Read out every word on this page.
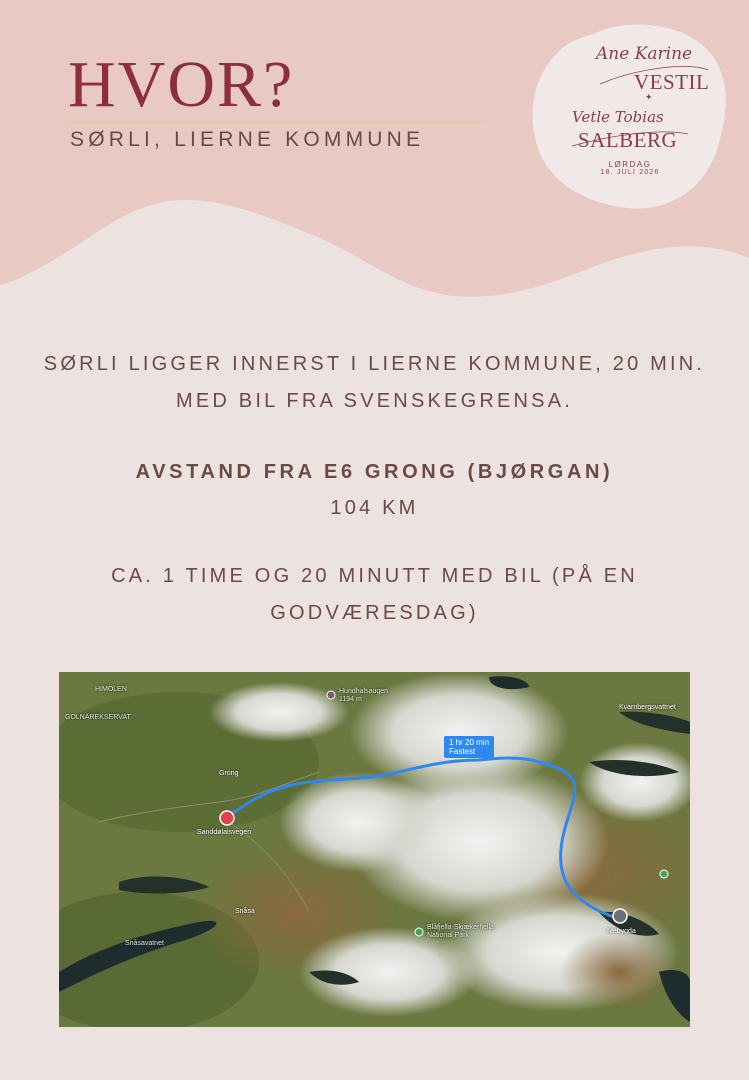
HVOR?
SØRLI, LIERNE KOMMUNE
Ane Karine
VESTIL
✦
Vetle Tobias
SALBERG
LØRDAG
18. JULI 2026
SØRLI LIGGER INNERST I LIERNE KOMMUNE, 20 MIN. MED BIL FRA SVENSKEGRENSA.
AVSTAND FRA E6 GRONG (BJØRGAN)
104 KM
CA. 1 TIME OG 20 MINUTT MED BIL (PÅ EN GODVÆRESDAG)
1 hr 20 min
Fastest
Sanddølaisvegen
Mebygda
Grong
Snåsa
Snåsavatnet
Kvarnbergsvattnet
Blåfjella-Skjækerfjella National Park
Hundhalsaugen
1194 m
GOLNAREKSERVAT
HIMOLEN
